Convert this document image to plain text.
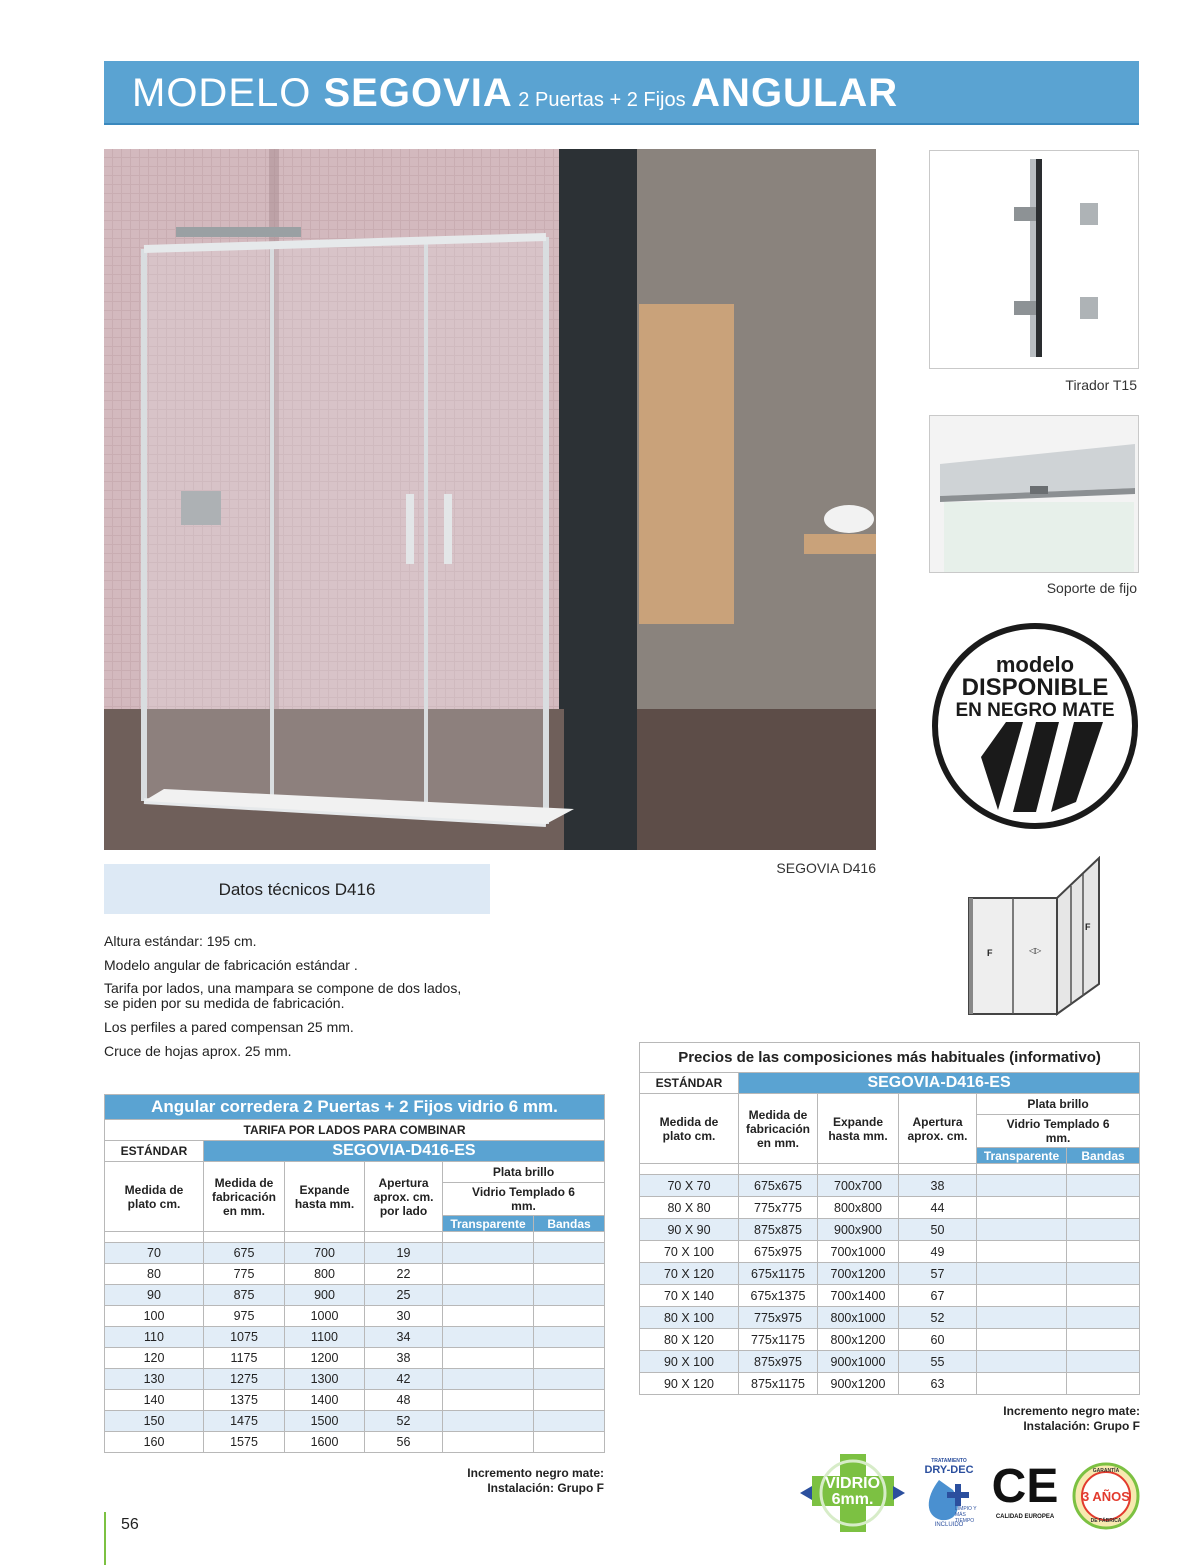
MODELO SEGOVIA 2 Puertas + 2 Fijos ANGULAR
SEGOVIA D416
Tirador T15
Soporte de fijo
modelo
DISPONIBLE
EN NEGRO MATE
F	◁▷
F
Datos técnicos D416
Altura estándar: 195 cm.
Modelo angular de fabricación estándar .
Tarifa por lados, una mampara se compone de dos lados,
se piden por su medida de fabricación.
Los perfiles a pared compensan 25 mm.
Cruce de hojas aprox. 25 mm.
Angular corredera 2 Puertas + 2 Fijos vidrio 6 mm.					
TARIFA POR LADOS PARA COMBINAR					
ESTÁNDAR	SEGOVIA-D416-ES				
Medida de plato cm.	Medida de fabricación en mm.	Expande hasta mm.	Apertura aprox. cm. por lado	Plata brillo	
				Vidrio Templado 6 mm.	
				Transparente	Bandas

70	675	700	19		
80	775	800	22		
90	875	900	25		
100	975	1000	30		
110	1075	1100	34		
120	1175	1200	38		
130	1275	1300	42		
140	1375	1400	48		
150	1475	1500	52		
160	1575	1600	56		
Incremento negro mate:
Instalación: Grupo F
Precios de las composiciones más habituales (informativo)					
ESTÁNDAR	SEGOVIA-D416-ES				
Medida de plato cm.	Medida de fabricación en mm.	Expande hasta mm.	Apertura aprox. cm.	Plata brillo	
				Vidrio Templado 6 mm.	
				Transparente	Bandas

70 X 70	675x675	700x700	38		
80 X 80	775x775	800x800	44		
90 X 90	875x875	900x900	50		
70 X 100	675x975	700x1000	49		
70 X 120	675x1175	700x1200	57		
70 X 140	675x1375	700x1400	67		
80 X 100	775x975	800x1000	52		
80 X 120	775x1175	800x1200	60		
90 X 100	875x975	900x1000	55		
90 X 120	875x1175	900x1200	63		
Incremento negro mate:
Instalación: Grupo F
VIDRIO
6mm.
TRATAMIENTO
DRY-DEC
LIMPIO Y MÁS TIEMPO
INCLUIDO
CE
CALIDAD EUROPEA
GARANTÍA
3 AÑOS
DE FÁBRICA
56
